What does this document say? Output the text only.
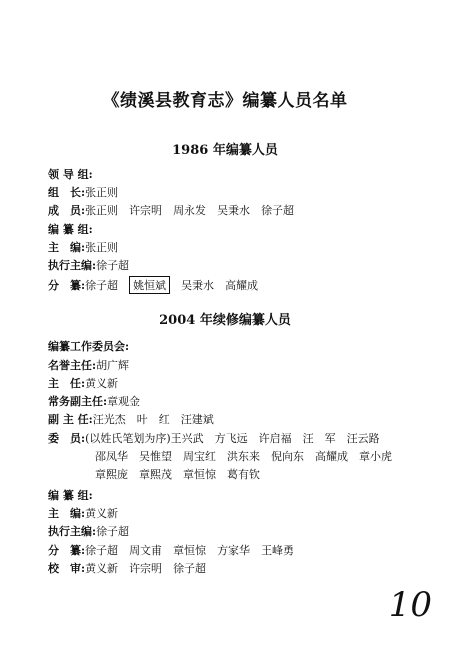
《绩溪县教育志》编纂人员名单
1986 年编纂人员
领 导 组:
组　长:张正则
成　员:张正则 许宗明 周永发 吴秉水 徐子超
编 纂 组:
主　编:张正则
执行主编:徐子超
分　纂:徐子超 姚恒斌 吴秉水 高耀成
2004 年续修编纂人员
编纂工作委员会:
名誉主任:胡广辉
主　任:黄义新
常务副主任:章观金
副 主 任:汪光杰 叶　红 汪建斌
委　员:(以姓氏笔划为序)王兴武 方飞远 许启福 汪　军 汪云路
邵凤华 吴惟望 周宝红 洪东来 倪向东 高耀成 章小虎
章熙庞 章熙茂 章恒惊 葛有钦
编 纂 组:
主　编:黄义新
执行主编:徐子超
分　纂:徐子超 周文甫 章恒惊 方家华 王峰勇
校　审:黄义新 许宗明 徐子超
10
